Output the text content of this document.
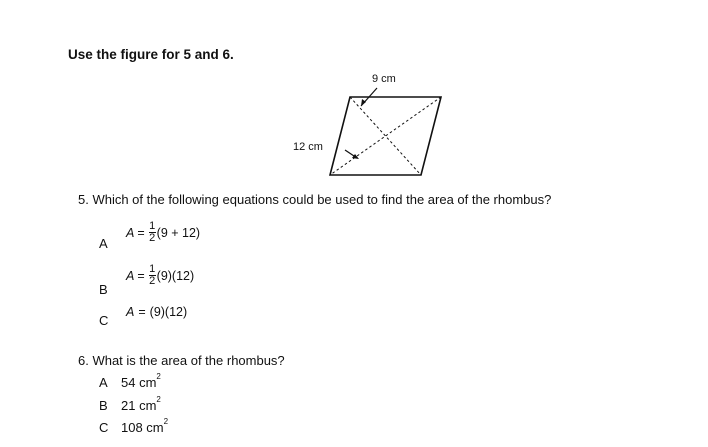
Use the figure for 5 and 6.
9 cm
12 cm
5. Which of the following equations could be used to find the area of the rhombus?
A
$A = \frac{1}{2} (9 + 12)$
B
$A = \frac{1}{2} (9)(12)$
C
A = (9)(12)
6. What is the area of the rhombus?
A 54 $cm^2$
B 21 $cm^2$
C 108 $cm^2$
